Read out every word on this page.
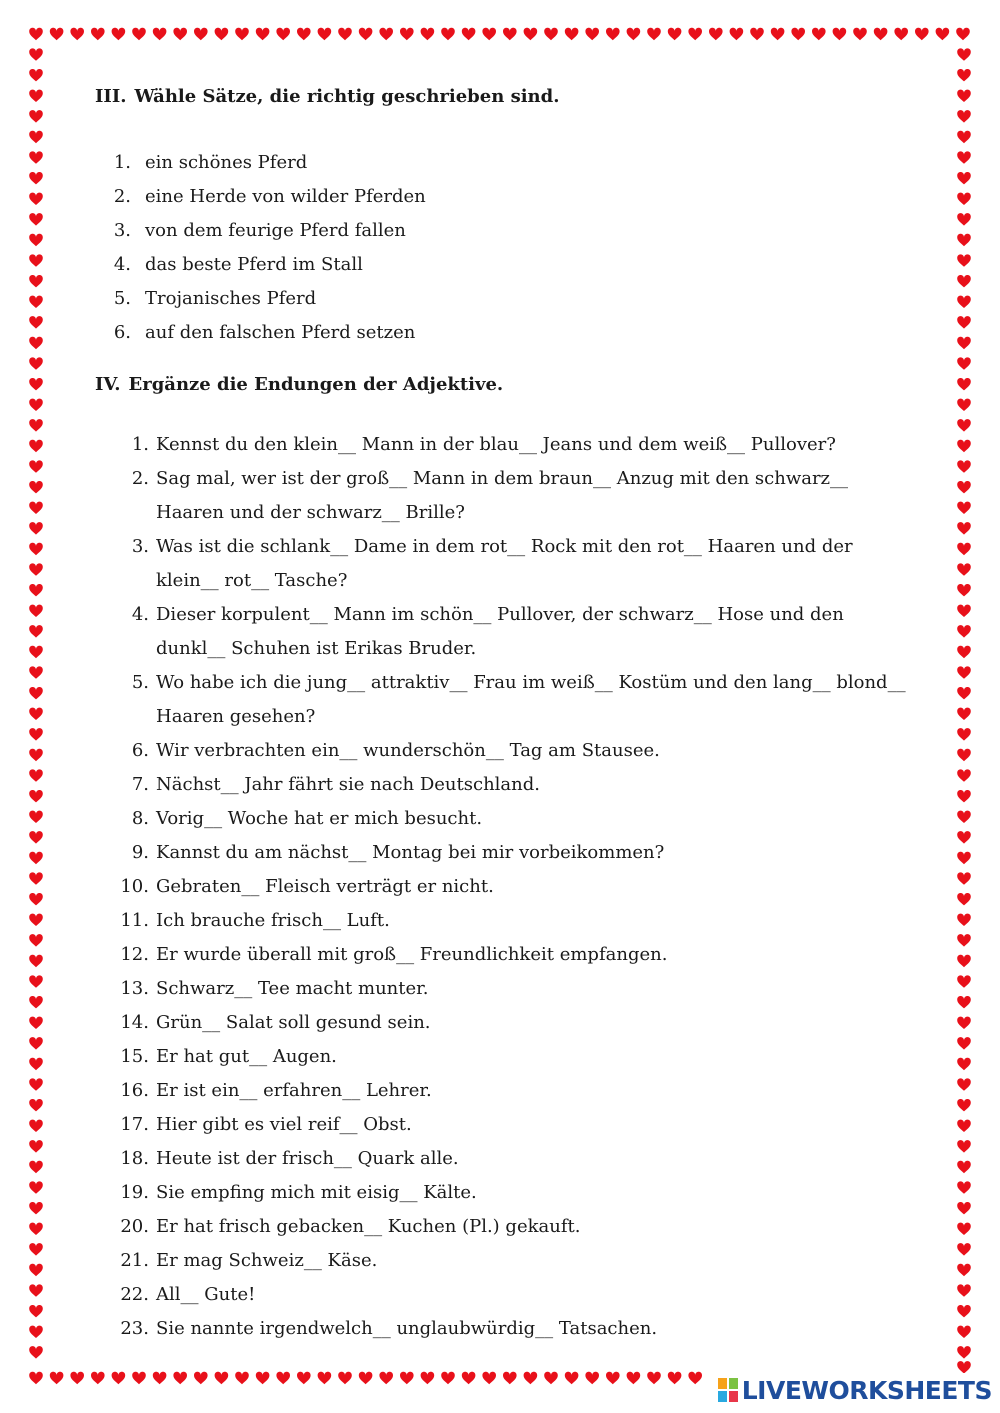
III. Wähle Sätze, die richtig geschrieben sind.
1. ein schönes Pferd
2. eine Herde von wilder Pferden
3. von dem feurige Pferd fallen
4. das beste Pferd im Stall
5. Trojanisches Pferd
6. auf den falschen Pferd setzen
IV. Ergänze die Endungen der Adjektive.
1. Kennst du den klein__ Mann in der blau__ Jeans und dem weiß__ Pullover?
2. Sag mal, wer ist der groß__ Mann in dem braun__ Anzug mit den schwarz__ Haaren und der schwarz__ Brille?
3. Was ist die schlank__ Dame in dem rot__ Rock mit den rot__ Haaren und der klein__ rot__ Tasche?
4. Dieser korpulent__ Mann im schön__ Pullover, der schwarz__ Hose und den dunkl__ Schuhen ist Erikas Bruder.
5. Wo habe ich die jung__ attraktiv__ Frau im weiß__ Kostüm und den lang__ blond__ Haaren gesehen?
6. Wir verbrachten ein__ wunderschön__ Tag am Stausee.
7. Nächst__ Jahr fährt sie nach Deutschland.
8. Vorig__ Woche hat er mich besucht.
9. Kannst du am nächst__ Montag bei mir vorbeikommen?
10. Gebraten__ Fleisch verträgt er nicht.
11. Ich brauche frisch__ Luft.
12. Er wurde überall mit groß__ Freundlichkeit empfangen.
13. Schwarz__ Tee macht munter.
14. Grün__ Salat soll gesund sein.
15. Er hat gut__ Augen.
16. Er ist ein__ erfahren__ Lehrer.
17. Hier gibt es viel reif__ Obst.
18. Heute ist der frisch__ Quark alle.
19. Sie empfing mich mit eisig__ Kälte.
20. Er hat frisch gebacken__ Kuchen (Pl.) gekauft.
21. Er mag Schweiz__ Käse.
22. All__ Gute!
23. Sie nannte irgendwelch__ unglaubwürdig__ Tatsachen.
LIVEWORKSHEETS
